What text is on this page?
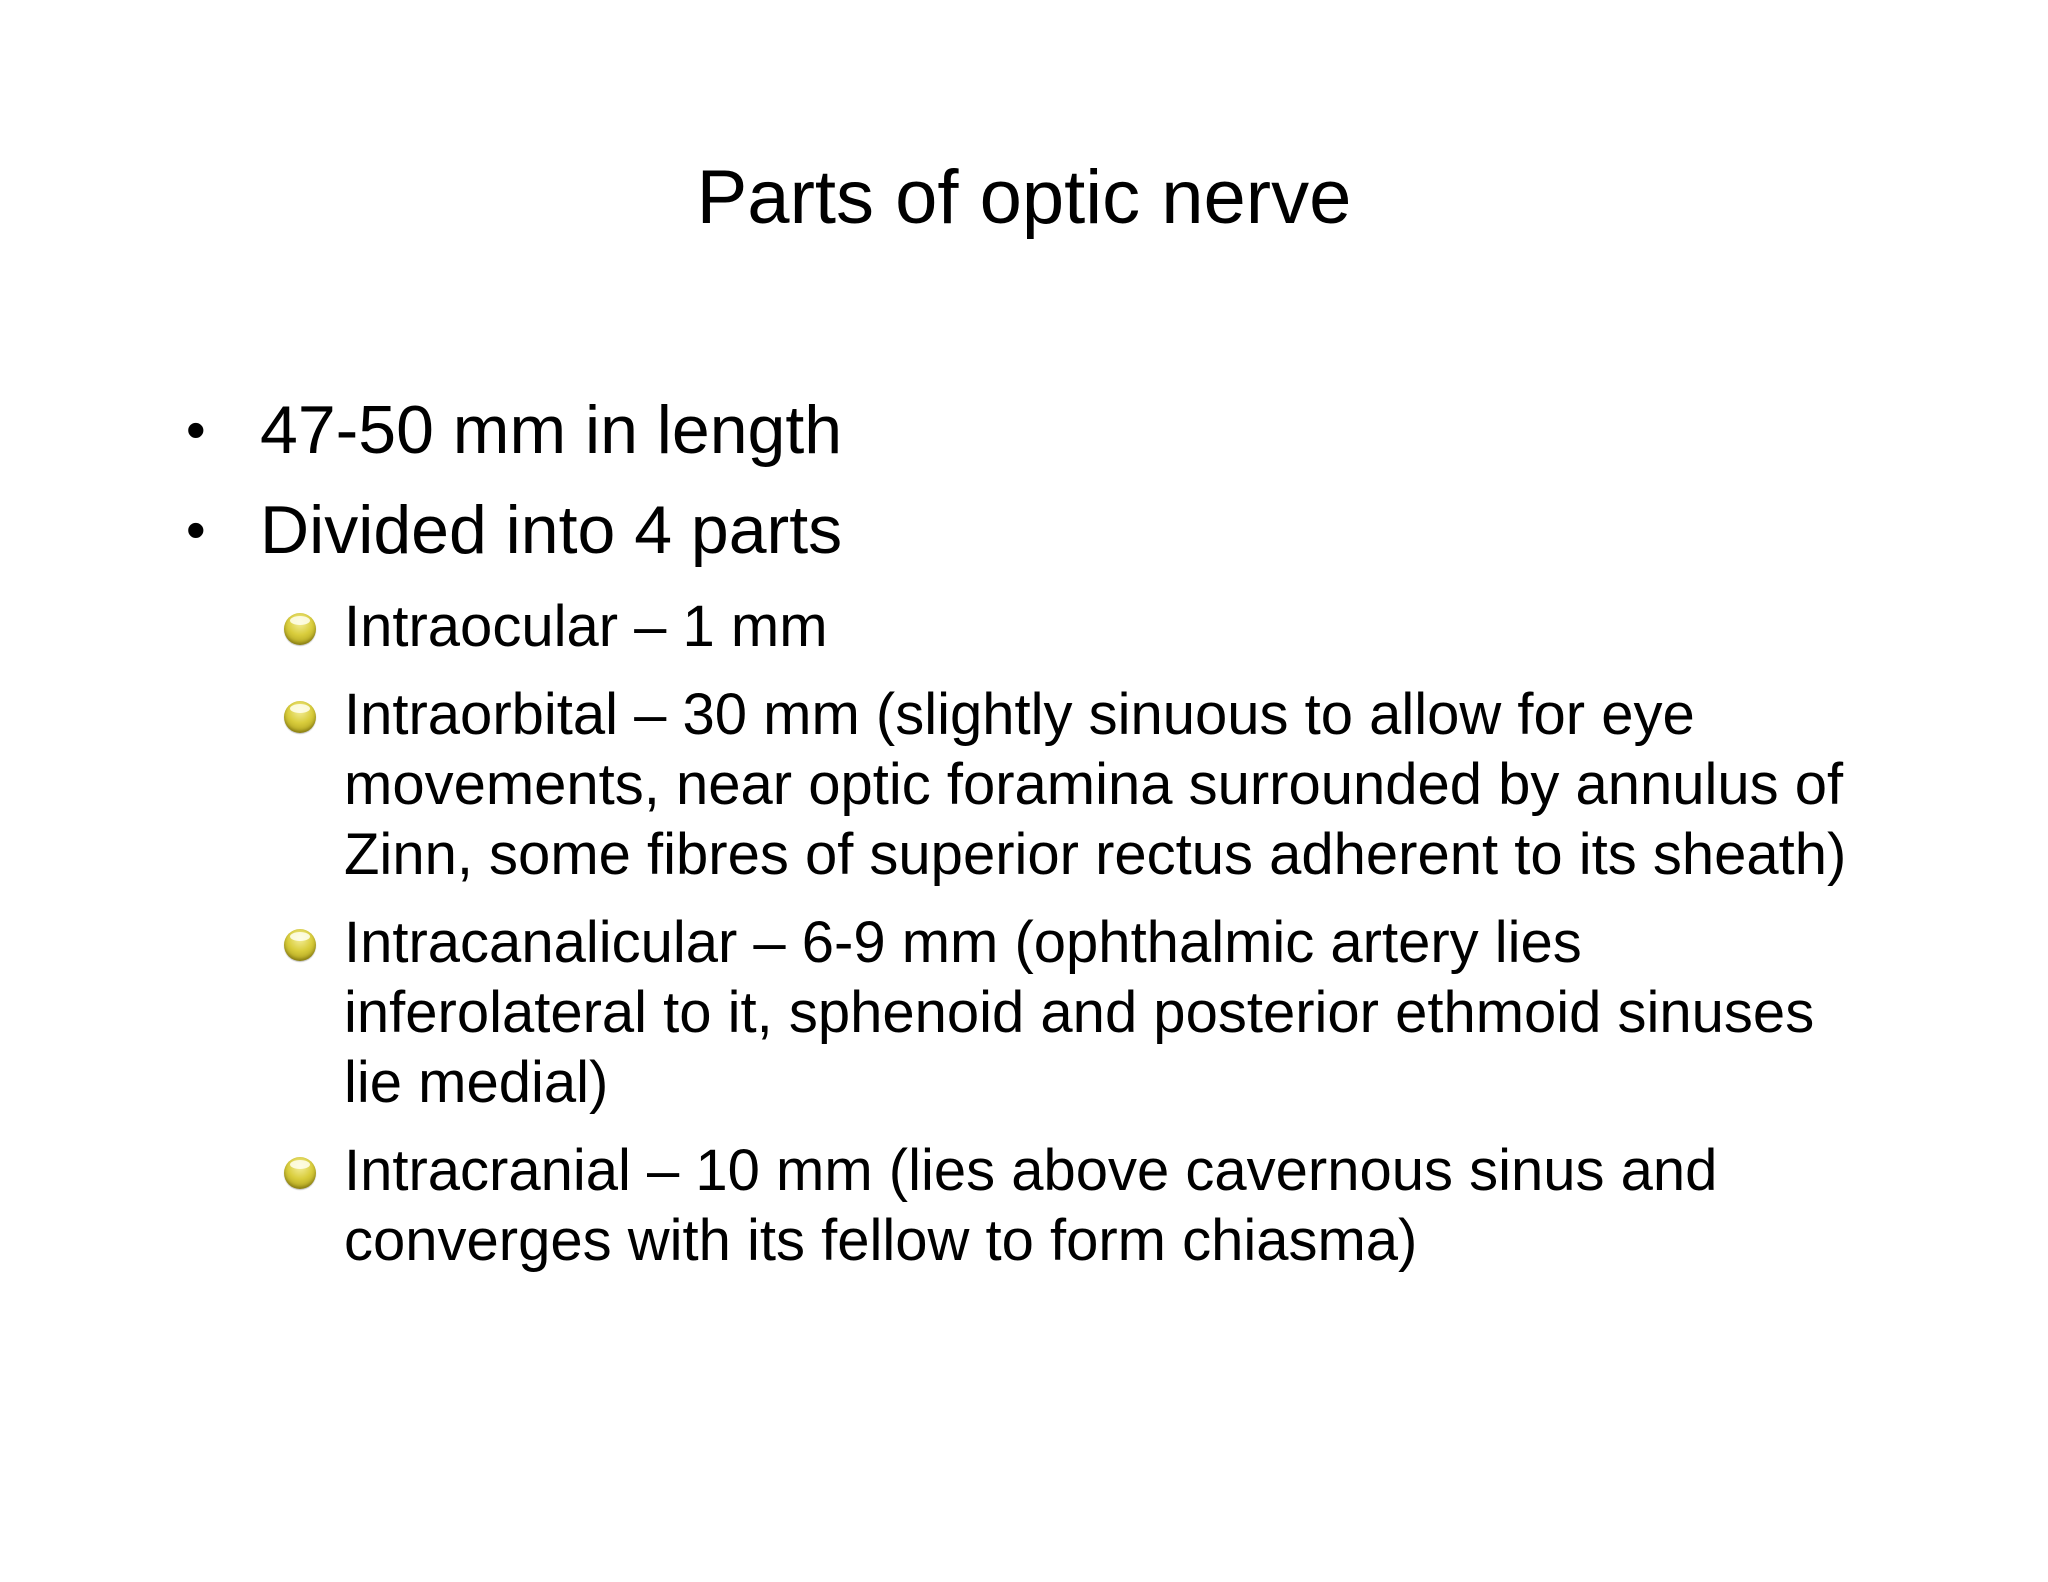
Parts of optic nerve
• 47-50 mm in length
• Divided into 4 parts
Intraocular – 1 mm
Intraorbital – 30 mm (slightly sinuous to allow for eye movements, near optic foramina surrounded by annulus of Zinn, some fibres of superior rectus adherent to its sheath)
Intracanalicular – 6-9 mm (ophthalmic artery lies inferolateral to it, sphenoid and posterior ethmoid sinuses lie medial)
Intracranial – 10 mm (lies above cavernous sinus and converges with its fellow to form chiasma)
